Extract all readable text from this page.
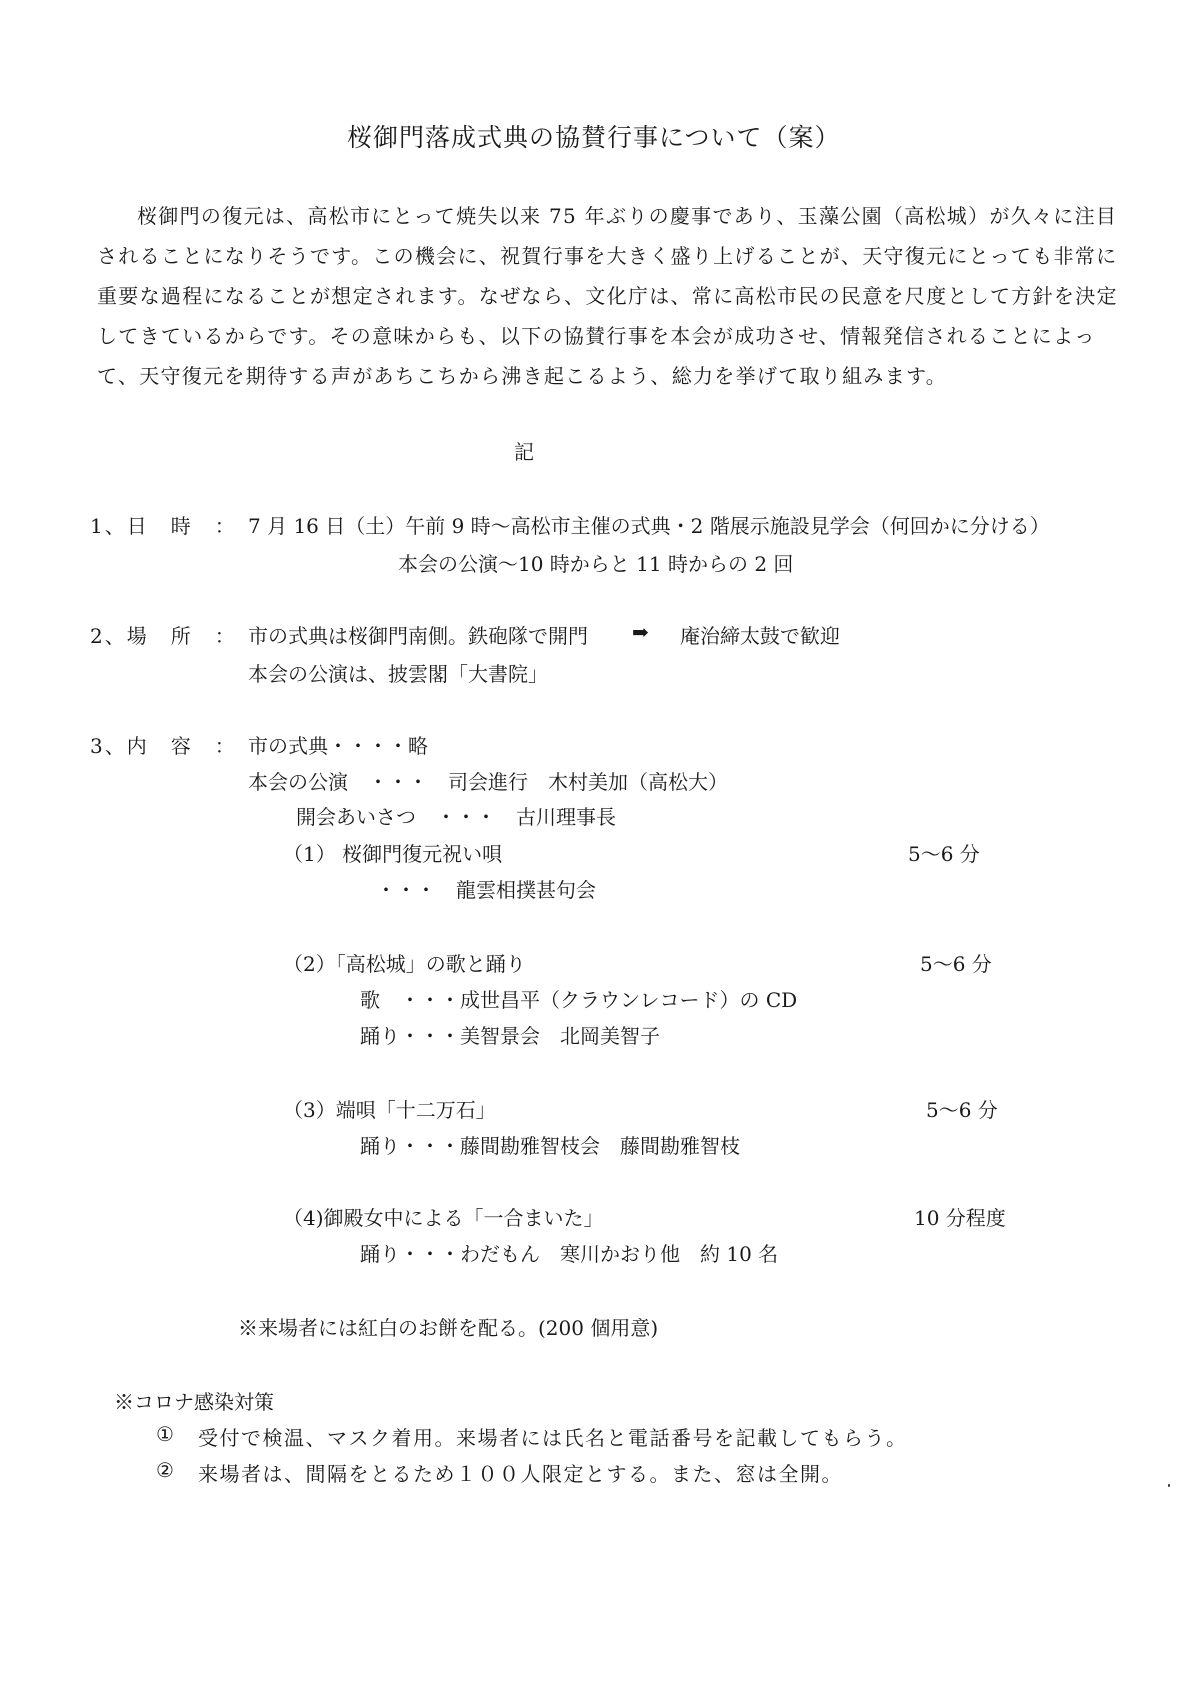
桜御門落成式典の協賛行事について（案）

桜御門の復元は、高松市にとって焼失以来 75 年ぶりの慶事であり、玉藻公園（高松城）が久々に注目されることになりそうです。この機会に、祝賀行事を大きく盛り上げることが、天守復元にとっても非常に重要な過程になることが想定されます。なぜなら、文化庁は、常に高松市民の民意を尺度として方針を決定してきているからです。その意味からも、以下の協賛行事を本会が成功させ、情報発信されることによって、天守復元を期待する声があちこちから沸き起こるよう、総力を挙げて取り組みます。

記
1、日　時　： 7 月 16 日（土）午前 9 時～高松市主催の式典・2 階展示施設見学会（何回かに分ける）
本会の公演～10 時からと 11 時からの 2 回
2、場　所　： 市の式典は桜御門南側。鉄砲隊で開門 ➡ 庵治締太鼓で歓迎
本会の公演は、披雲閣「大書院」
3、内　容　： 市の式典・・・・略
本会の公演　・・・　司会進行　木村美加（高松大）
開会あいさつ　・・・　古川理事長
（1） 桜御門復元祝い唄	5～6 分
・・・　龍雲相撲甚句会
（2）「高松城」の歌と踊り	5～6 分
歌　・・・成世昌平（クラウンレコード）の CD
踊り・・・美智景会　北岡美智子
（3）端唄「十二万石」	5～6 分
踊り・・・藤間勘雅智枝会　藤間勘雅智枝
（4)御殿女中による「一合まいた」	10 分程度
踊り・・・わだもん　寒川かおり他　約 10 名
※来場者には紅白のお餅を配る。(200 個用意)
※コロナ感染対策
① 受付で検温、マスク着用。来場者には氏名と電話番号を記載してもらう。
② 来場者は、間隔をとるため１００人限定とする。また、窓は全開。
